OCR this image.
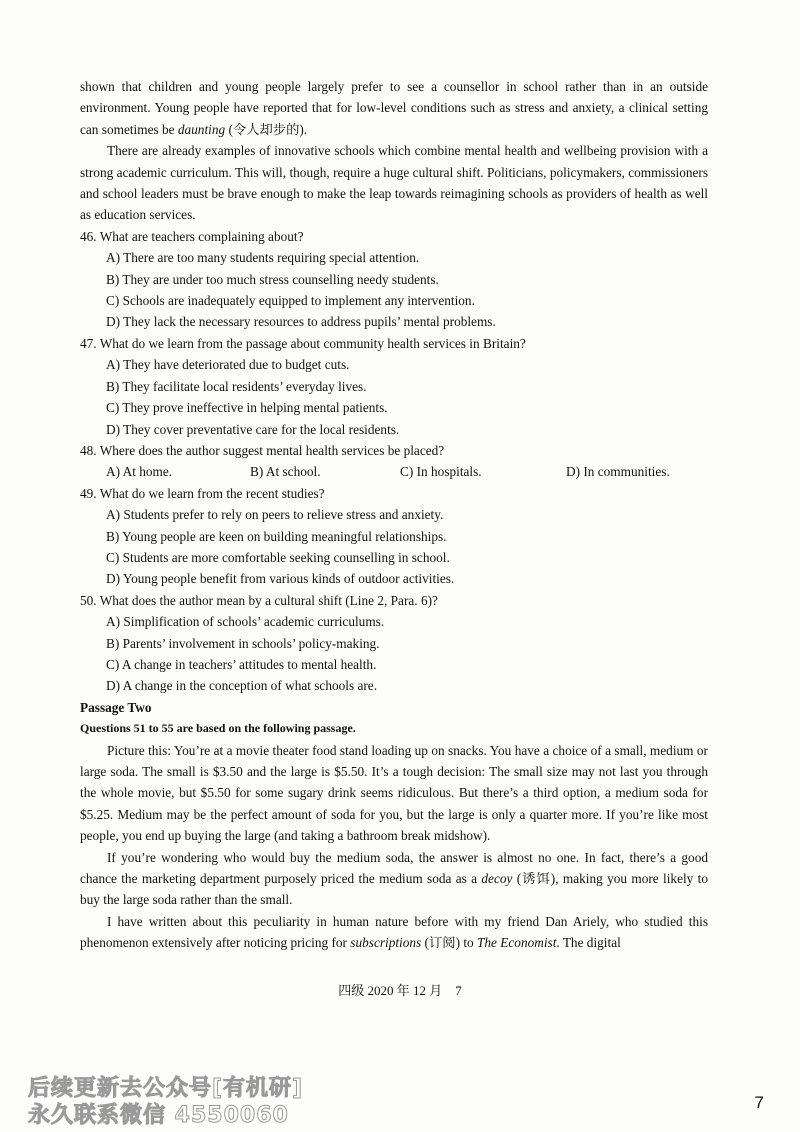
shown that children and young people largely prefer to see a counsellor in school rather than in an outside environment. Young people have reported that for low-level conditions such as stress and anxiety, a clinical setting can sometimes be daunting (令人却步的).

There are already examples of innovative schools which combine mental health and wellbeing provision with a strong academic curriculum. This will, though, require a huge cultural shift. Politicians, policymakers, commissioners and school leaders must be brave enough to make the leap towards reimagining schools as providers of health as well as education services.

46. What are teachers complaining about?

A) There are too many students requiring special attention.

B) They are under too much stress counselling needy students.

C) Schools are inadequately equipped to implement any intervention.

D) They lack the necessary resources to address pupils’ mental problems.

47. What do we learn from the passage about community health services in Britain?

A) They have deteriorated due to budget cuts.

B) They facilitate local residents’ everyday lives.

C) They prove ineffective in helping mental patients.

D) They cover preventative care for the local residents.

48. Where does the author suggest mental health services be placed?

A) At home.	B) At school.	C) In hospitals.	D) In communities.

49. What do we learn from the recent studies?

A) Students prefer to rely on peers to relieve stress and anxiety.

B) Young people are keen on building meaningful relationships.

C) Students are more comfortable seeking counselling in school.

D) Young people benefit from various kinds of outdoor activities.

50. What does the author mean by a cultural shift (Line 2, Para. 6)?

A) Simplification of schools’ academic curriculums.

B) Parents’ involvement in schools’ policy-making.

C) A change in teachers’ attitudes to mental health.

D) A change in the conception of what schools are.

Passage Two

Questions 51 to 55 are based on the following passage.

Picture this: You’re at a movie theater food stand loading up on snacks. You have a choice of a small, medium or large soda. The small is $3.50 and the large is $5.50. It’s a tough decision: The small size may not last you through the whole movie, but $5.50 for some sugary drink seems ridiculous. But there’s a third option, a medium soda for $5.25. Medium may be the perfect amount of soda for you, but the large is only a quarter more. If you’re like most people, you end up buying the large (and taking a bathroom break midshow).

If you’re wondering who would buy the medium soda, the answer is almost no one. In fact, there’s a good chance the marketing department purposely priced the medium soda as a decoy (诱饵), making you more likely to buy the large soda rather than the small.

I have written about this peculiarity in human nature before with my friend Dan Ariely, who studied this phenomenon extensively after noticing pricing for subscriptions (订阅) to The Economist. The digital

四级 2020 年 12 月　7
后续更新去公众号[有机研]
永久联系微信 4550060
7
